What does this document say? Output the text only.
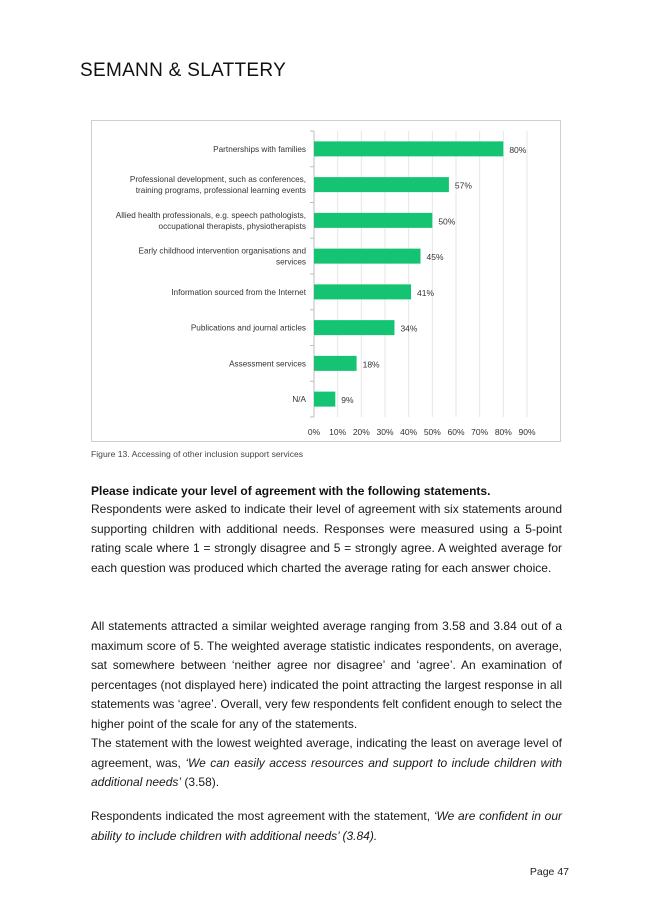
SEMANN & SLATTERY
80%
Partnerships with families
57%
Professional development, such as conferences,
training programs, professional learning events
50%
Allied health professionals, e.g. speech pathologists,
occupational therapists, physiotherapists
45%
Early childhood intervention organisations and
services
41%
Information sourced from the Internet
34%
Publications and journal articles
18%
Assessment services
9%
N/A
0% 10% 20% 30% 40% 50% 60% 70% 80% 90%
Figure 13. Accessing of other inclusion support services
Please indicate your level of agreement with the following statements.

Respondents were asked to indicate their level of agreement with six statements around supporting children with additional needs. Responses were measured using a 5-point rating scale where 1 = strongly disagree and 5 = strongly agree. A weighted average for each question was produced which charted the average rating for each answer choice.

All statements attracted a similar weighted average ranging from 3.58 and 3.84 out of a maximum score of 5. The weighted average statistic indicates respondents, on average, sat somewhere between ‘neither agree nor disagree’ and ‘agree’. An examination of percentages (not displayed here) indicated the point attracting the largest response in all statements was ‘agree’. Overall, very few respondents felt confident enough to select the higher point of the scale for any of the statements.

The statement with the lowest weighted average, indicating the least on average level of agreement, was, ‘We can easily access resources and support to include children with additional needs’ (3.58).

Respondents indicated the most agreement with the statement, ‘We are confident in our ability to include children with additional needs’ (3.84).

Page 47
